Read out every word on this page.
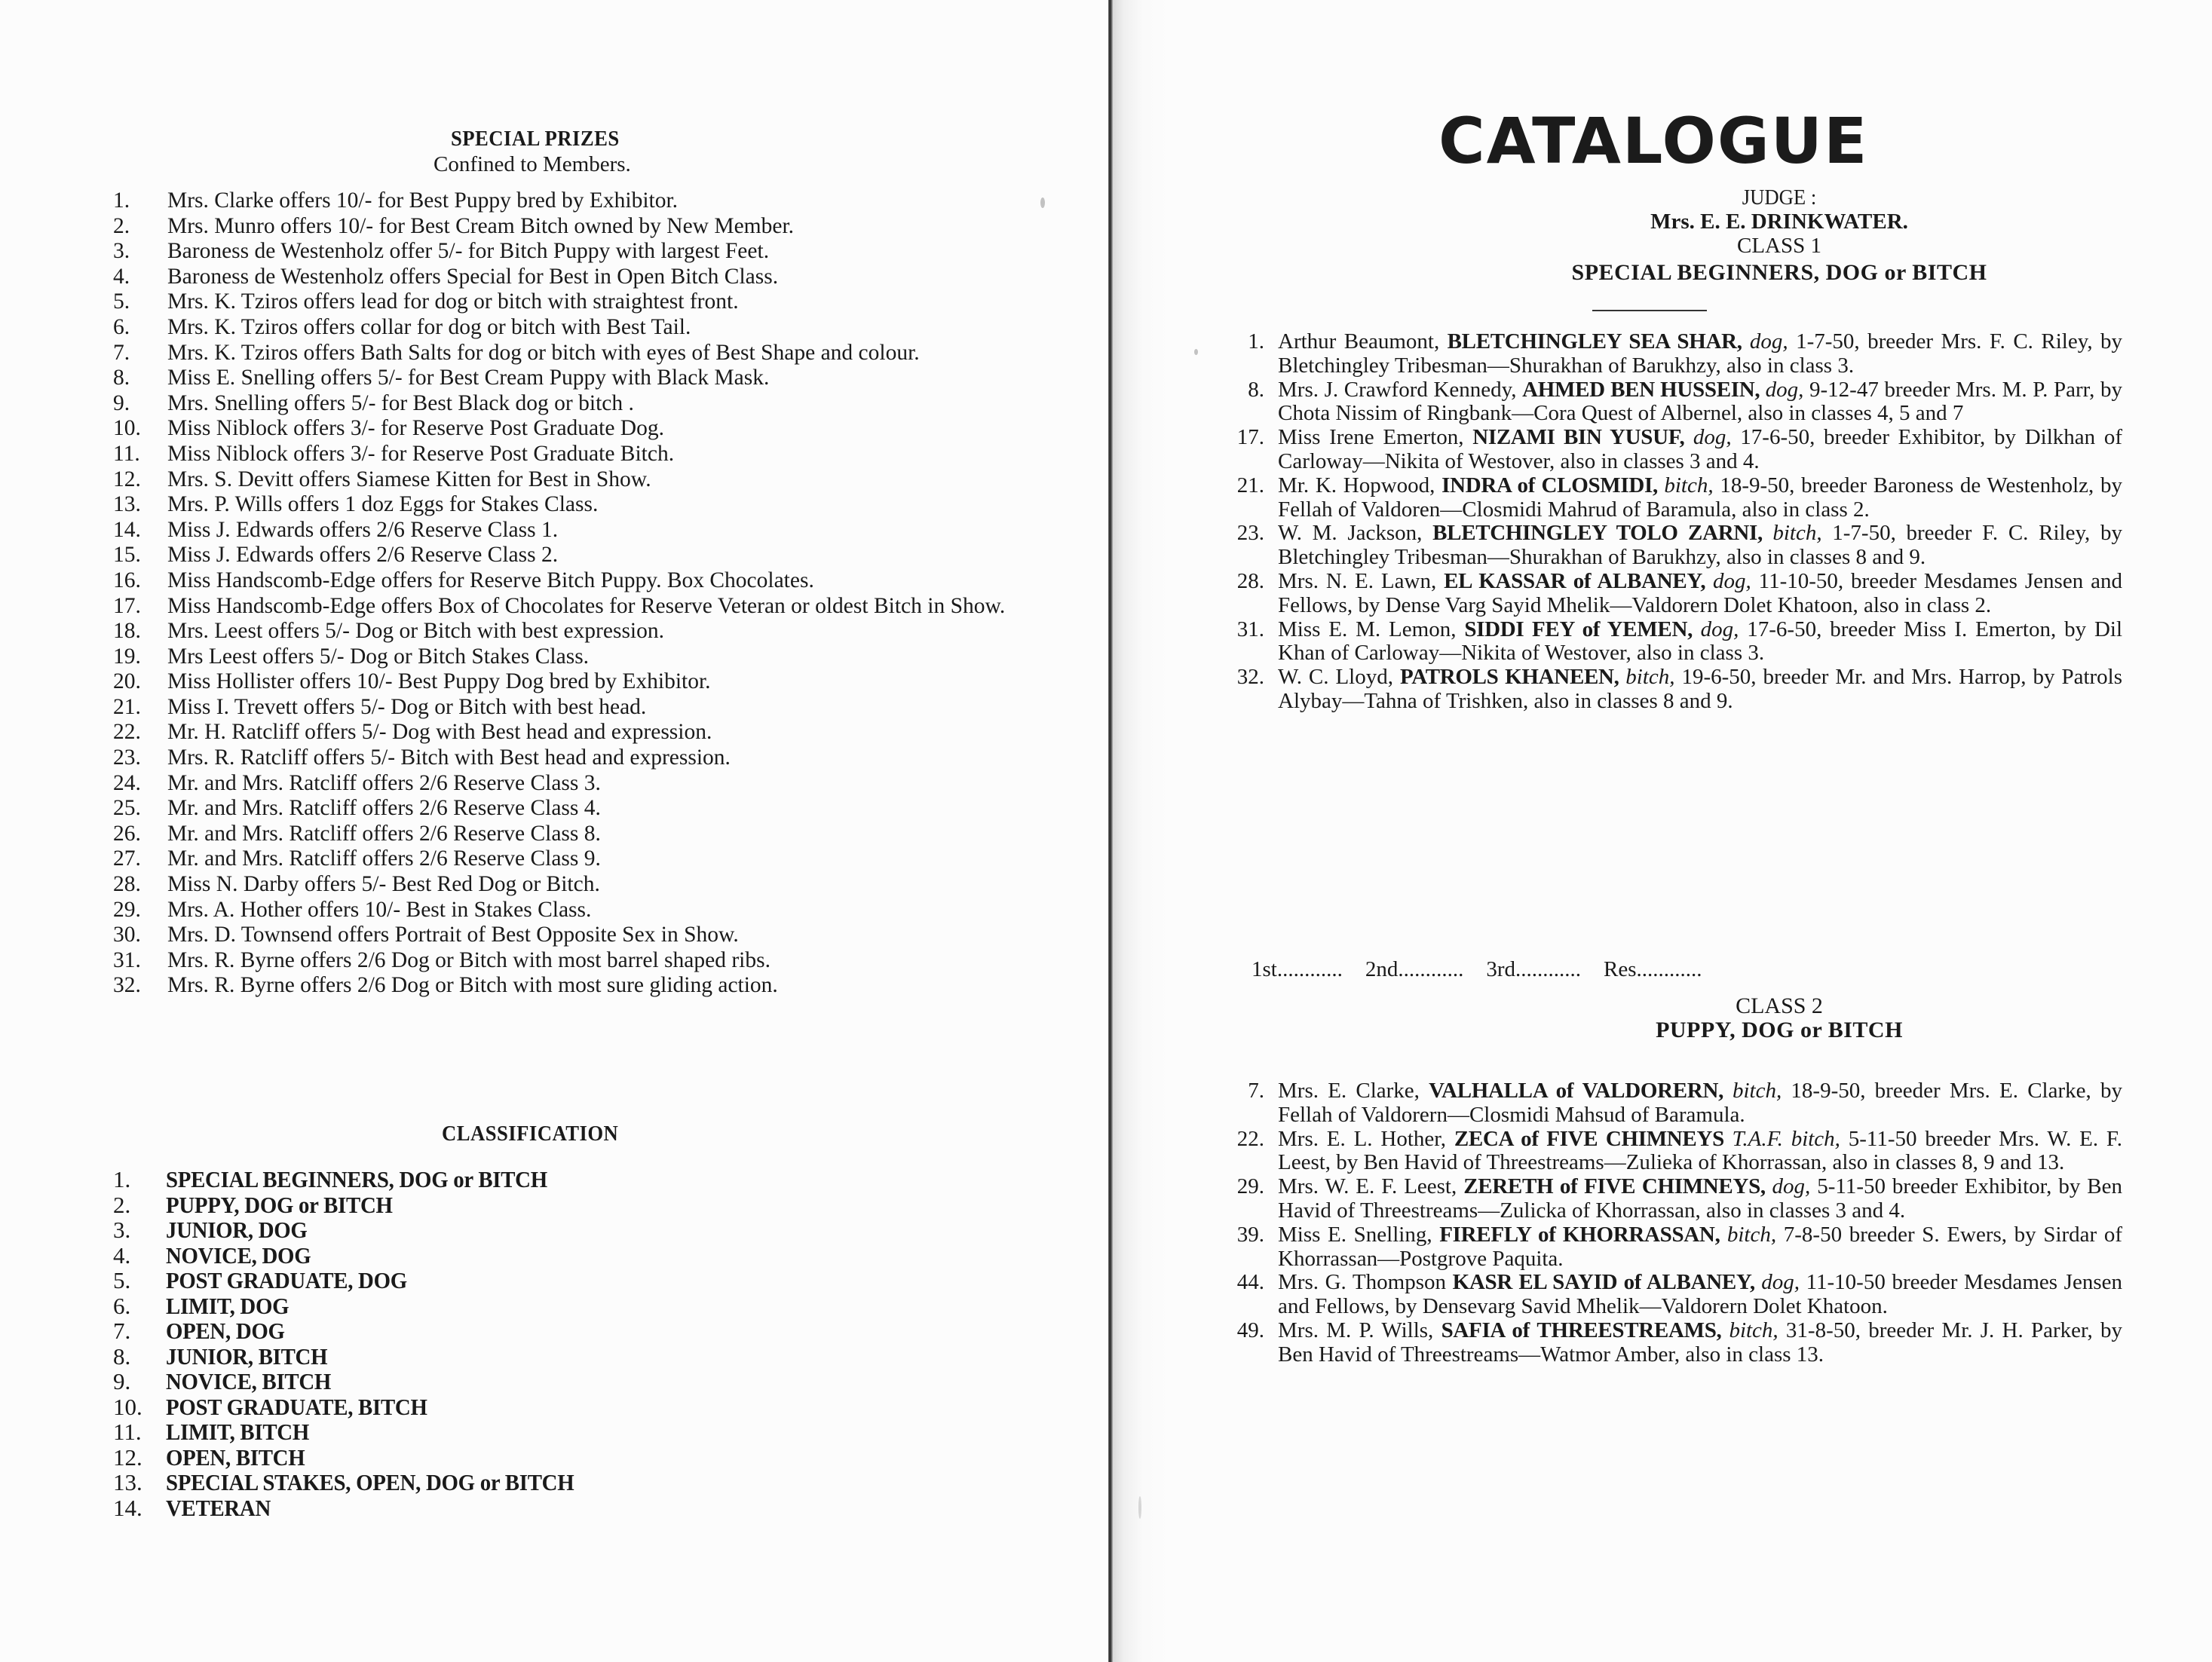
SPECIAL PRIZES
Confined to Members.
1.	Mrs. Clarke offers 10/- for Best Puppy bred by Exhibitor.
2.	Mrs. Munro offers 10/- for Best Cream Bitch owned by New Member.
3.	Baroness de Westenholz offer 5/- for Bitch Puppy with largest Feet.
4.	Baroness de Westenholz offers Special for Best in Open Bitch Class.
5.	Mrs. K. Tziros offers lead for dog or bitch with straightest front.
6.	Mrs. K. Tziros offers collar for dog or bitch with Best Tail.
7.	Mrs. K. Tziros offers Bath Salts for dog or bitch with eyes of Best Shape and colour.
8.	Miss E. Snelling offers 5/- for Best Cream Puppy with Black Mask.
9.	Mrs. Snelling offers 5/- for Best Black dog or bitch .
10.	Miss Niblock offers 3/- for Reserve Post Graduate Dog.
11.	Miss Niblock offers 3/- for Reserve Post Graduate Bitch.
12.	Mrs. S. Devitt offers Siamese Kitten for Best in Show.
13.	Mrs. P. Wills offers 1 doz Eggs for Stakes Class.
14.	Miss J. Edwards offers 2/6 Reserve Class 1.
15.	Miss J. Edwards offers 2/6 Reserve Class 2.
16.	Miss Handscomb-Edge offers for Reserve Bitch Puppy. Box Chocolates.
17.	Miss Handscomb-Edge offers Box of Chocolates for Reserve Veteran or oldest Bitch in Show.
18.	Mrs. Leest offers 5/- Dog or Bitch with best expression.
19.	Mrs Leest offers 5/- Dog or Bitch Stakes Class.
20.	Miss Hollister offers 10/- Best Puppy Dog bred by Exhibitor.
21.	Miss I. Trevett offers 5/- Dog or Bitch with best head.
22.	Mr. H. Ratcliff offers 5/- Dog with Best head and expression.
23.	Mrs. R. Ratcliff offers 5/- Bitch with Best head and expression.
24.	Mr. and Mrs. Ratcliff offers 2/6 Reserve Class 3.
25.	Mr. and Mrs. Ratcliff offers 2/6 Reserve Class 4.
26.	Mr. and Mrs. Ratcliff offers 2/6 Reserve Class 8.
27.	Mr. and Mrs. Ratcliff offers 2/6 Reserve Class 9.
28.	Miss N. Darby offers 5/- Best Red Dog or Bitch.
29.	Mrs. A. Hother offers 10/- Best in Stakes Class.
30.	Mrs. D. Townsend offers Portrait of Best Opposite Sex in Show.
31.	Mrs. R. Byrne offers 2/6 Dog or Bitch with most barrel shaped ribs.
32.	Mrs. R. Byrne offers 2/6 Dog or Bitch with most sure gliding action.
CLASSIFICATION
1.	SPECIAL BEGINNERS, DOG or BITCH
2.	PUPPY, DOG or BITCH
3.	JUNIOR, DOG
4.	NOVICE, DOG
5.	POST GRADUATE, DOG
6.	LIMIT, DOG
7.	OPEN, DOG
8.	JUNIOR, BITCH
9.	NOVICE, BITCH
10.	POST GRADUATE, BITCH
11.	LIMIT, BITCH
12.	OPEN, BITCH
13.	SPECIAL STAKES, OPEN, DOG or BITCH
14.	VETERAN
CATALOGUE
JUDGE :
Mrs. E. E. DRINKWATER.
CLASS 1
SPECIAL BEGINNERS, DOG or BITCH
1. Arthur Beaumont, BLETCHINGLEY SEA SHAR, dog, 1-7-50, breeder Mrs. F. C. Riley, by Bletchingley Tribesman—Shurakhan of Barukhzy, also in class 3.
8. Mrs. J. Crawford Kennedy, AHMED BEN HUSSEIN, dog, 9-12-47 breeder Mrs. M. P. Parr, by Chota Nissim of Ringbank—Cora Quest of Albernel, also in classes 4, 5 and 7
17. Miss Irene Emerton, NIZAMI BIN YUSUF, dog, 17-6-50, breeder Exhibitor, by Dilkhan of Carloway—Nikita of Westover, also in classes 3 and 4.
21. Mr. K. Hopwood, INDRA of CLOSMIDI, bitch, 18-9-50, breeder Baroness de Westenholz, by Fellah of Valdoren—Closmidi Mahrud of Baramula, also in class 2.
23. W. M. Jackson, BLETCHINGLEY TOLO ZARNI, bitch, 1-7-50, breeder F. C. Riley, by Bletchingley Tribesman—Shurakhan of Barukhzy, also in classes 8 and 9.
28. Mrs. N. E. Lawn, EL KASSAR of ALBANEY, dog, 11-10-50, breeder Mesdames Jensen and Fellows, by Dense Varg Sayid Mhelik—Valdorern Dolet Khatoon, also in class 2.
31. Miss E. M. Lemon, SIDDI FEY of YEMEN, dog, 17-6-50, breeder Miss I. Emerton, by Dil Khan of Carloway—Nikita of Westover, also in class 3.
32. W. C. Lloyd, PATROLS KHANEEN, bitch, 19-6-50, breeder Mr. and Mrs. Harrop, by Patrols Alybay—Tahna of Trishken, also in classes 8 and 9.
1st............ 2nd............ 3rd............ Res............
CLASS 2
PUPPY, DOG or BITCH
7. Mrs. E. Clarke, VALHALLA of VALDORERN, bitch, 18-9-50, breeder Mrs. E. Clarke, by Fellah of Valdorern—Closmidi Mahsud of Baramula.
22. Mrs. E. L. Hother, ZECA of FIVE CHIMNEYS T.A.F. bitch, 5-11-50 breeder Mrs. W. E. F. Leest, by Ben Havid of Threestreams—Zulieka of Khorrassan, also in classes 8, 9 and 13.
29. Mrs. W. E. F. Leest, ZERETH of FIVE CHIMNEYS, dog, 5-11-50 breeder Exhibitor, by Ben Havid of Threestreams—Zulicka of Khorrassan, also in classes 3 and 4.
39. Miss E. Snelling, FIREFLY of KHORRASSAN, bitch, 7-8-50 breeder S. Ewers, by Sirdar of Khorrassan—Postgrove Paquita.
44. Mrs. G. Thompson KASR EL SAYID of ALBANEY, dog, 11-10-50 breeder Mesdames Jensen and Fellows, by Densevarg Savid Mhelik—Valdorern Dolet Khatoon.
49. Mrs. M. P. Wills, SAFIA of THREESTREAMS, bitch, 31-8-50, breeder Mr. J. H. Parker, by Ben Havid of Threestreams—Watmor Amber, also in class 13.
